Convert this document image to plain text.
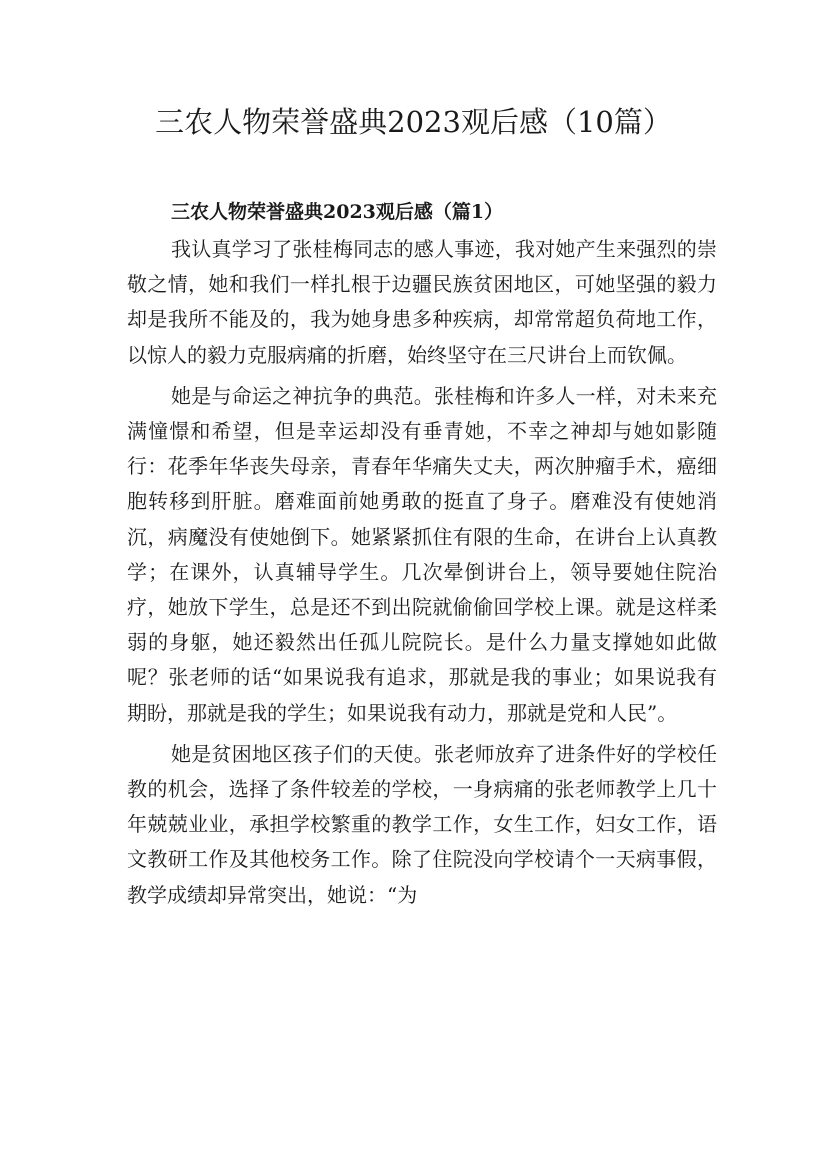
三农人物荣誉盛典2023观后感（10篇）
三农人物荣誉盛典2023观后感（篇1）

我认真学习了张桂梅同志的感人事迹，我对她产生来强烈的崇敬之情，她和我们一样扎根于边疆民族贫困地区，可她坚强的毅力却是我所不能及的，我为她身患多种疾病，却常常超负荷地工作，以惊人的毅力克服病痛的折磨，始终坚守在三尺讲台上而钦佩。

她是与命运之神抗争的典范。张桂梅和许多人一样，对未来充满憧憬和希望，但是幸运却没有垂青她，不幸之神却与她如影随行：花季年华丧失母亲，青春年华痛失丈夫，两次肿瘤手术，癌细胞转移到肝脏。磨难面前她勇敢的挺直了身子。磨难没有使她消沉，病魔没有使她倒下。她紧紧抓住有限的生命，在讲台上认真教学；在课外，认真辅导学生。几次晕倒讲台上，领导要她住院治疗，她放下学生，总是还不到出院就偷偷回学校上课。就是这样柔弱的身躯，她还毅然出任孤儿院院长。是什么力量支撑她如此做呢？张老师的话“如果说我有追求，那就是我的事业；如果说我有期盼，那就是我的学生；如果说我有动力，那就是党和人民”。

她是贫困地区孩子们的天使。张老师放弃了进条件好的学校任教的机会，选择了条件较差的学校，一身病痛的张老师教学上几十年兢兢业业，承担学校繁重的教学工作，女生工作，妇女工作，语文教研工作及其他校务工作。除了住院没向学校请个一天病事假，教学成绩却异常突出，她说：“为
